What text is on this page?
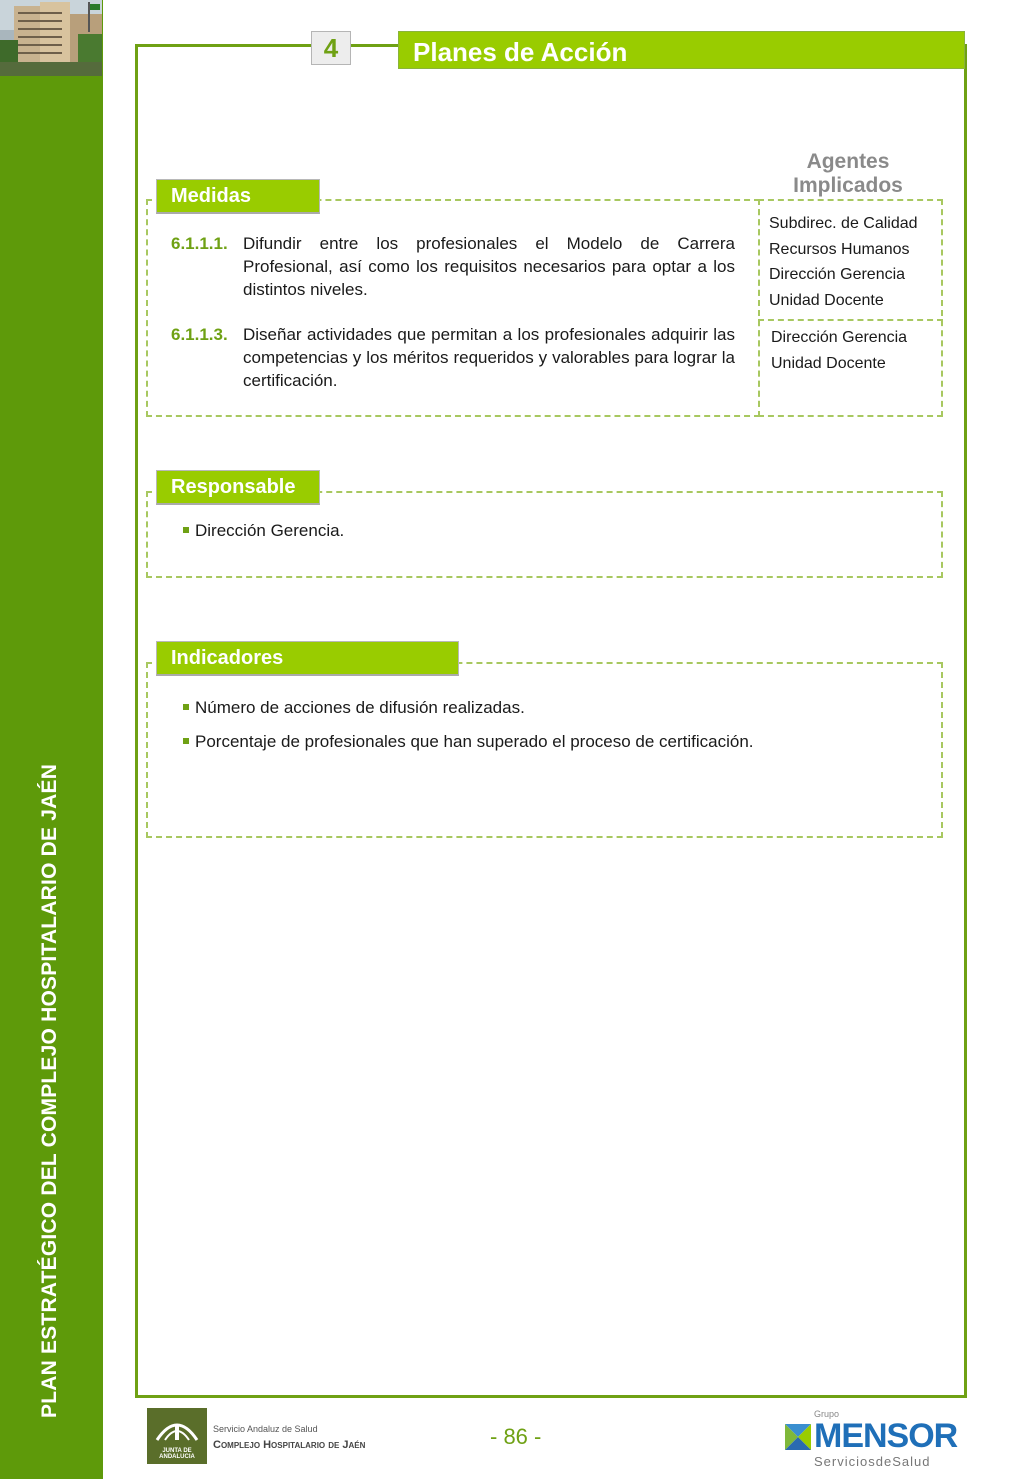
PLAN ESTRATÉGICO DEL COMPLEJO HOSPITALARIO DE JAÉN
4	Planes de Acción
Medidas
Agentes
Implicados
6.1.1.1. Difundir entre los profesionales el Modelo de Carrera Profesional, así como los requisitos necesarios para optar a los distintos niveles.
6.1.1.3. Diseñar actividades que permitan a los profesionales adquirir las competencias y los méritos requeridos y valorables para lograr la certificación.
Subdirec. de Calidad
Recursos Humanos
Dirección Gerencia
Unidad Docente
Dirección Gerencia
Unidad Docente
Responsable
Dirección Gerencia.
Indicadores
Número de acciones de difusión realizadas.
Porcentaje de profesionales que han superado el proceso de certificación.
JUNTA DE ANDALUCIA
Servicio Andaluz de Salud
Complejo Hospitalario de Jaén	- 86 -
Grupo
MENSOR
ServiciosdeSalud
